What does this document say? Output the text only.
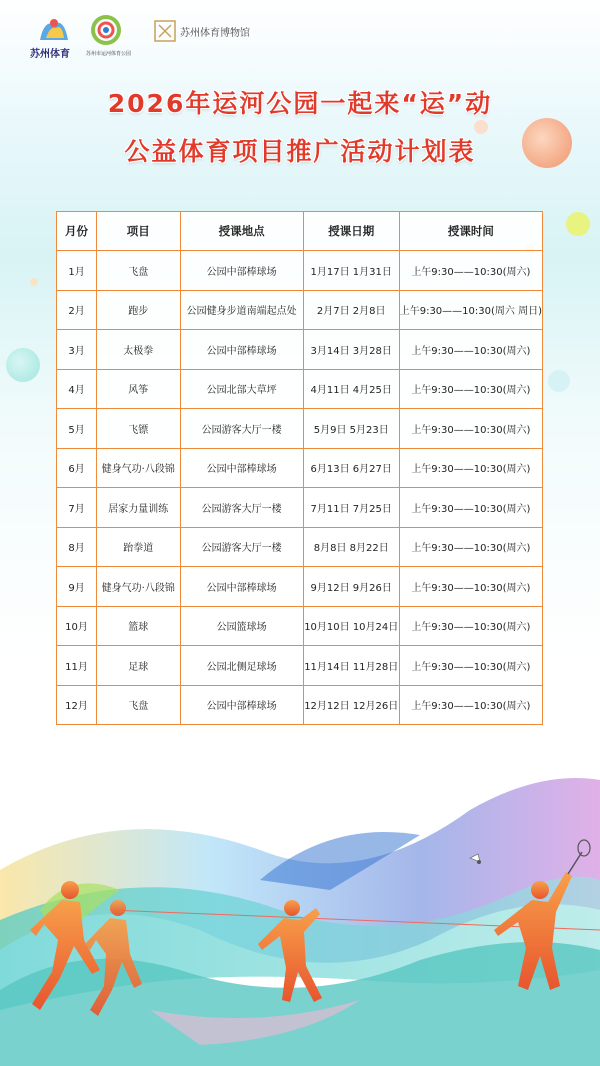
苏州体育	苏州市运河体育公园
苏州体育博物馆
2026年运河公园一起来“运”动
公益体育项目推广活动计划表
月份	项目	授课地点	授课日期	授课时间
1月	飞盘	公园中部棒球场	1月17日 1月31日	上午9:30——10:30(周六)
2月	跑步	公园健身步道南端起点处	2月7日 2月8日	上午9:30——10:30(周六 周日)
3月	太极拳	公园中部棒球场	3月14日 3月28日	上午9:30——10:30(周六)
4月	风筝	公园北部大草坪	4月11日 4月25日	上午9:30——10:30(周六)
5月	飞镖	公园游客大厅一楼	5月9日 5月23日	上午9:30——10:30(周六)
6月	健身气功·八段锦	公园中部棒球场	6月13日 6月27日	上午9:30——10:30(周六)
7月	居家力量训练	公园游客大厅一楼	7月11日 7月25日	上午9:30——10:30(周六)
8月	跆拳道	公园游客大厅一楼	8月8日 8月22日	上午9:30——10:30(周六)
9月	健身气功·八段锦	公园中部棒球场	9月12日 9月26日	上午9:30——10:30(周六)
10月	篮球	公园篮球场	10月10日 10月24日	上午9:30——10:30(周六)
11月	足球	公园北侧足球场	11月14日 11月28日	上午9:30——10:30(周六)
12月	飞盘	公园中部棒球场	12月12日 12月26日	上午9:30——10:30(周六)
